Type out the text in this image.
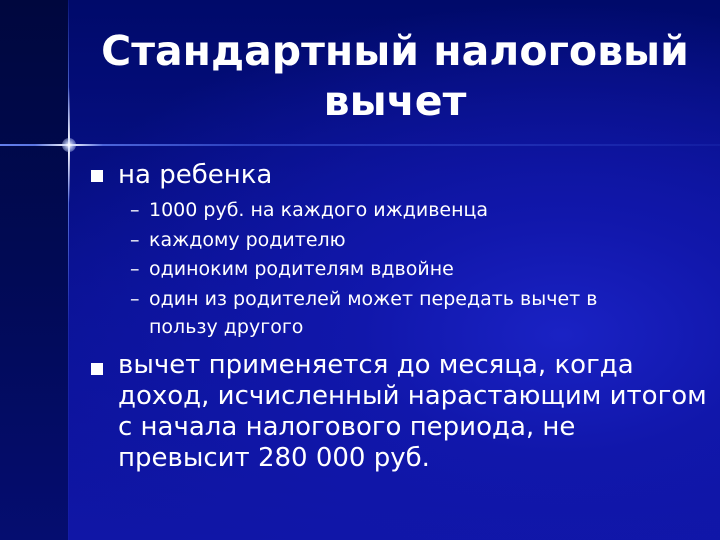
Стандартный налоговый
вычет
на ребенка
– 1000 руб. на каждого иждивенца
– каждому родителю
– одиноким родителям вдвойне
– один из родителей может передать вычет в
пользу другого
вычет применяется до месяца, когда
доход, исчисленный нарастающим итогом
с начала налогового периода, не
превысит 280 000 руб.
